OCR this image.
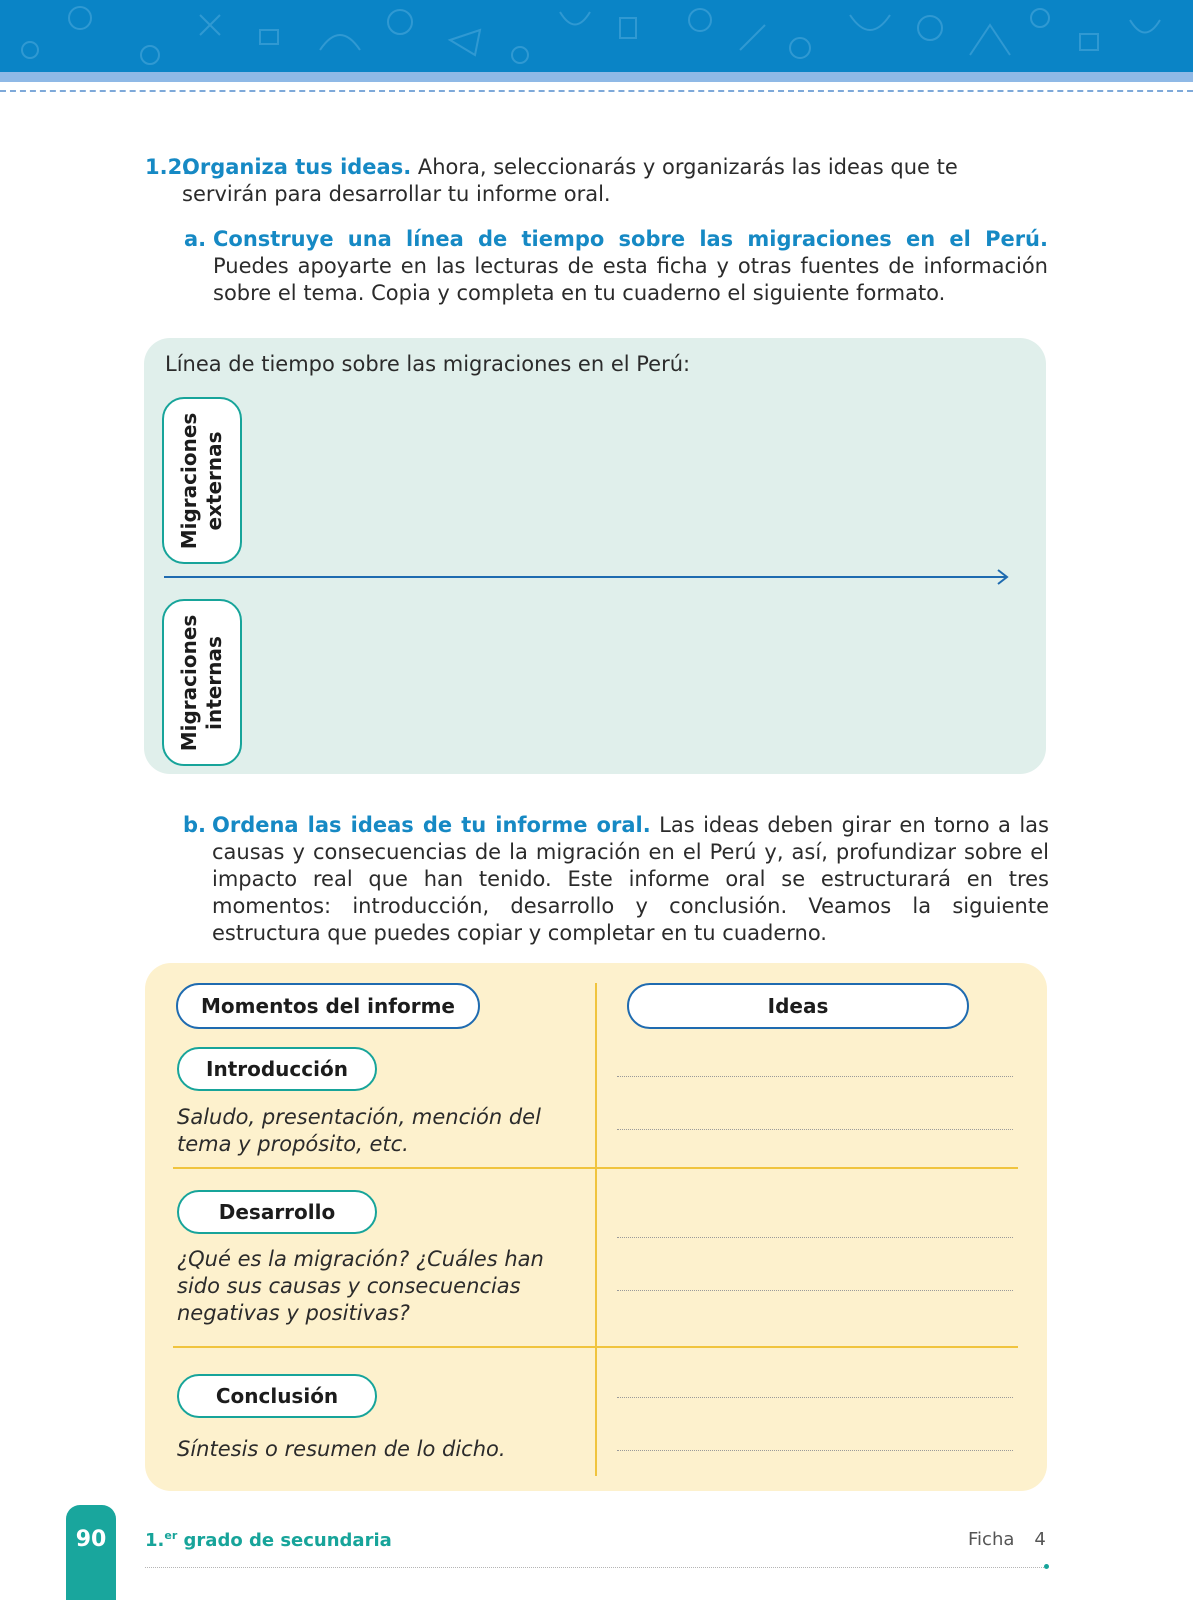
1.2.
Organiza tus ideas. Ahora, seleccionarás y organizarás las ideas que te servirán para desarrollar tu informe oral.

a. Construye una línea de tiempo sobre las migraciones en el Perú. Puedes apoyarte en las lecturas de esta ficha y otras fuentes de información sobre el tema. Copia y completa en tu cuaderno el siguiente formato.

Línea de tiempo sobre las migraciones en el Perú:
Migraciones externas
Migraciones internas

b. Ordena las ideas de tu informe oral. Las ideas deben girar en torno a las causas y consecuencias de la migración en el Perú y, así, profundizar sobre el impacto real que han tenido. Este informe oral se estructurará en tres momentos: introducción, desarrollo y conclusión. Veamos la siguiente estructura que puedes copiar y completar en tu cuaderno.

Momentos del informe	Ideas
Introducción

Saludo, presentación, mención del tema y propósito, etc.

Desarrollo

¿Qué es la migración? ¿Cuáles han sido sus causas y consecuencias negativas y positivas?

Conclusión

Síntesis o resumen de lo dicho.

90	1.$^{er}$ grado de secundaria	Ficha 4
